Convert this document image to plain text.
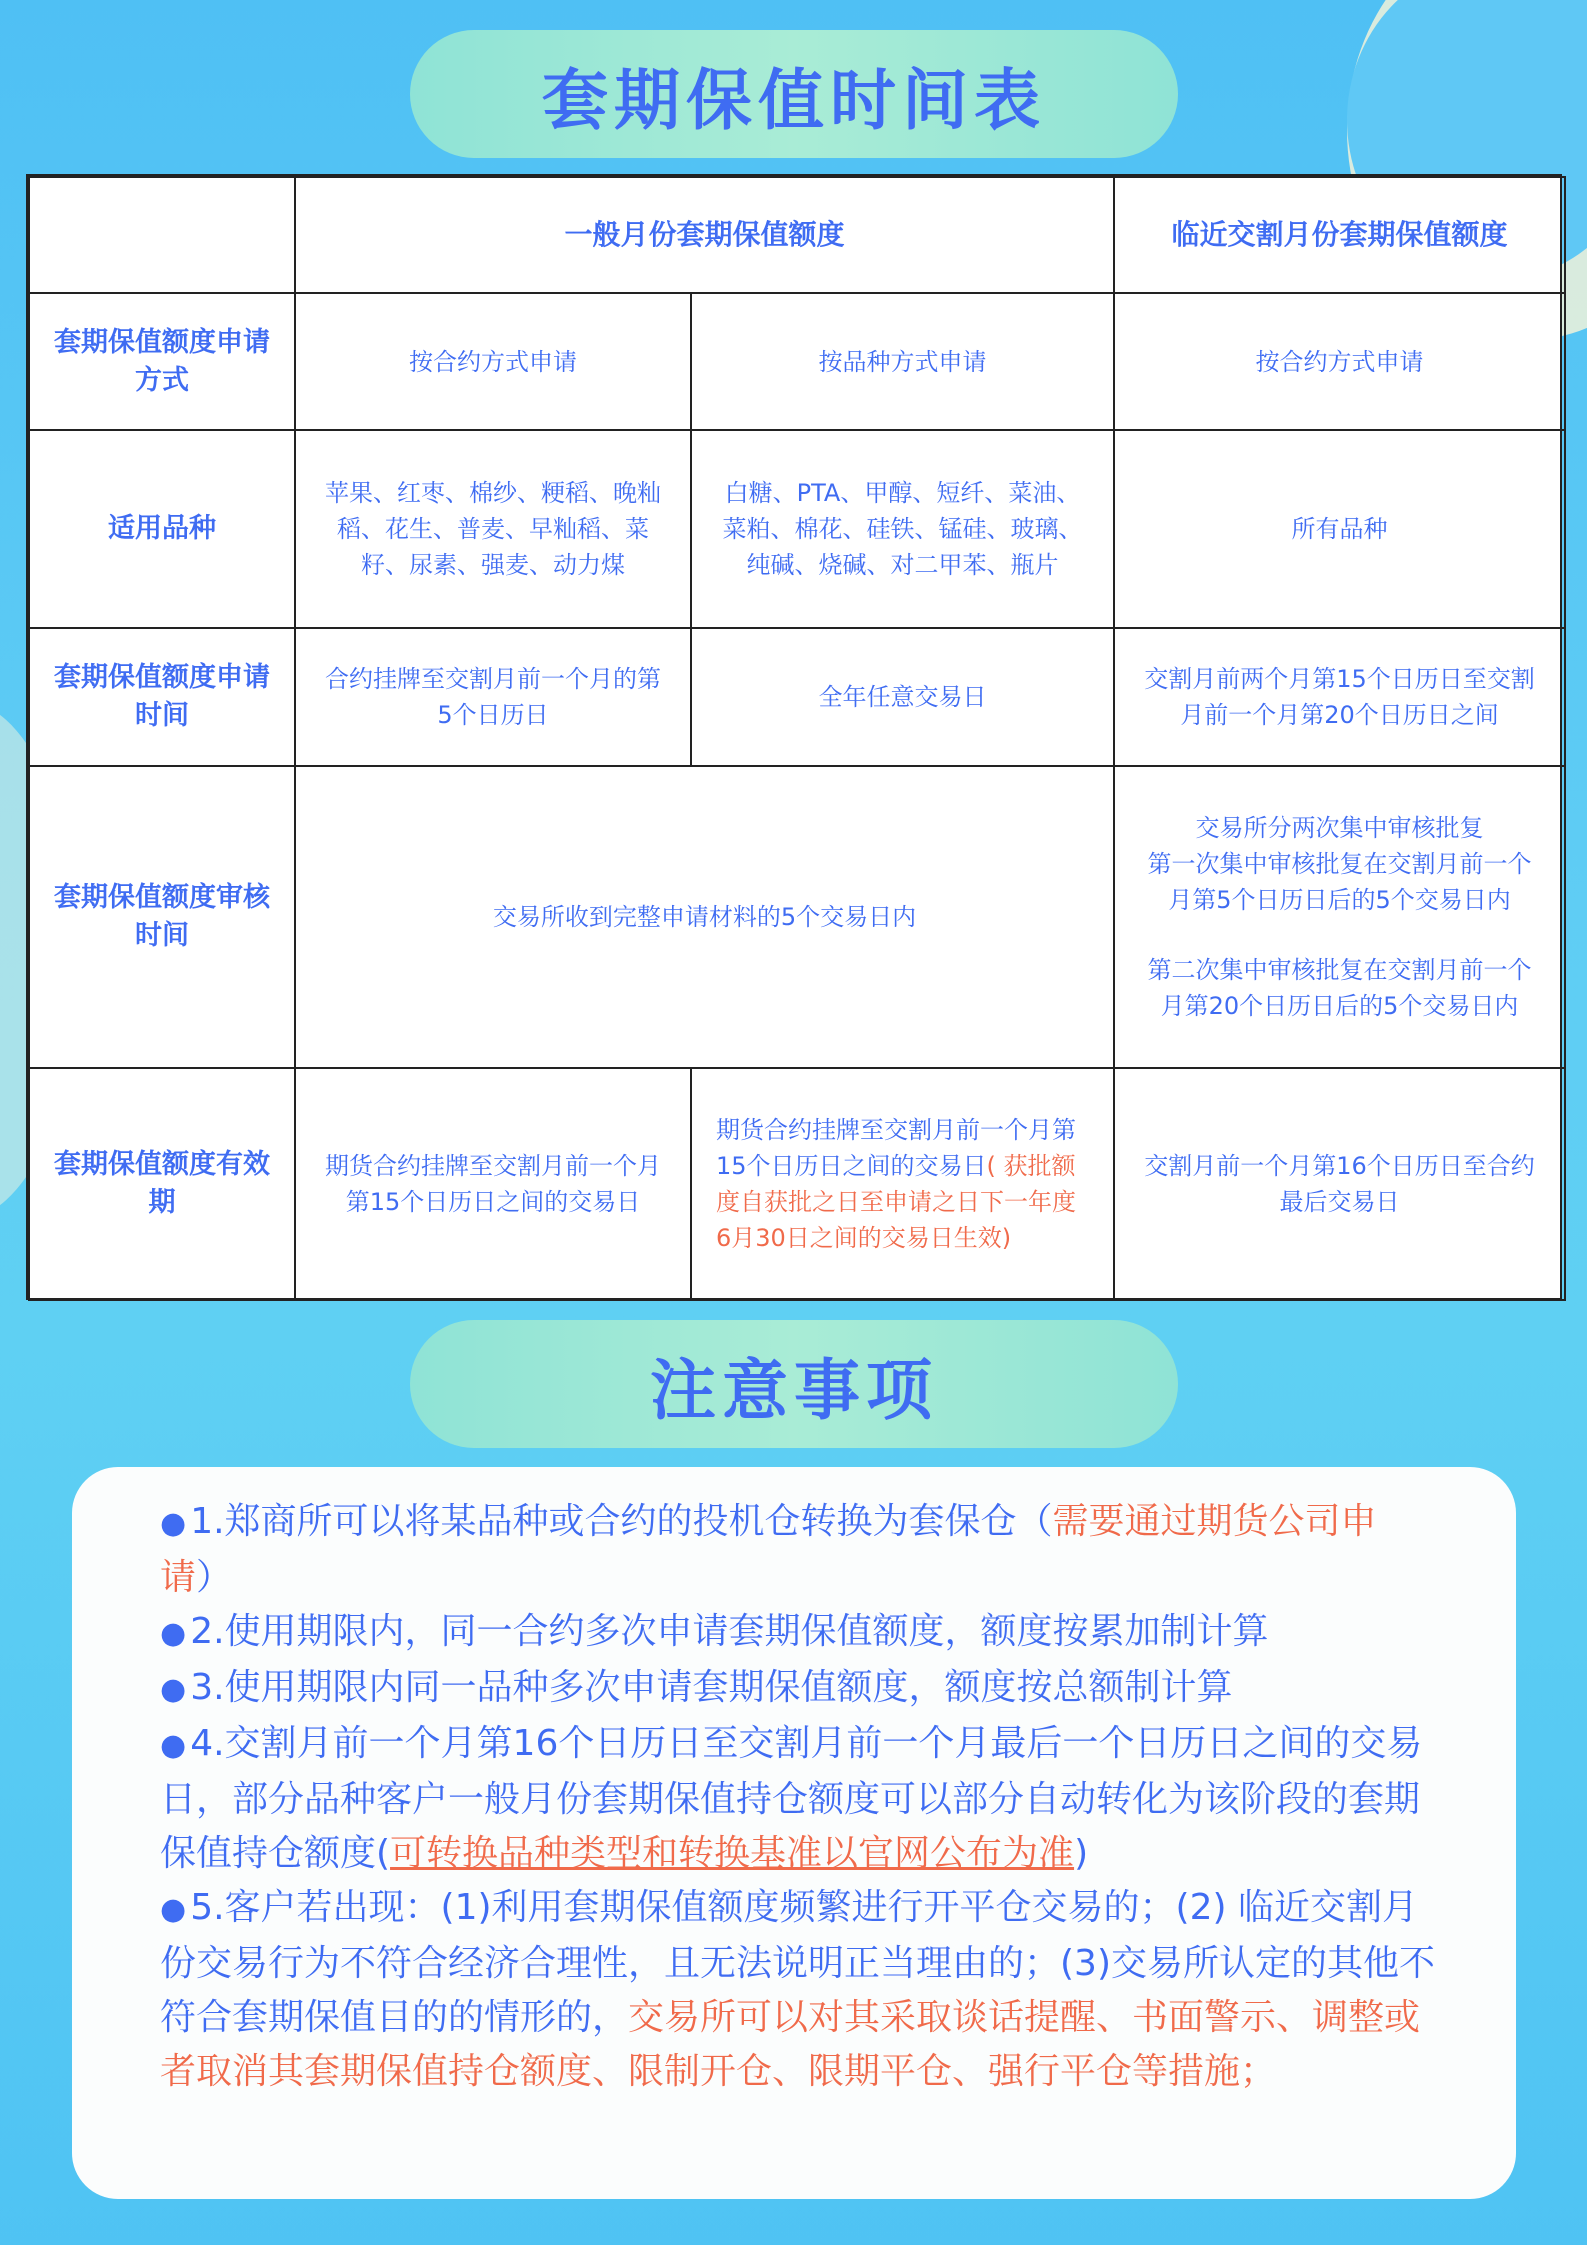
套期保值时间表
	一般月份套期保值额度		临近交割月份套期保值额度
套期保值额度申请方式	按合约方式申请	按品种方式申请	按合约方式申请
适用品种	苹果、红枣、棉纱、粳稻、晚籼稻、花生、普麦、早籼稻、菜籽、尿素、强麦、动力煤	白糖、PTA、甲醇、短纤、菜油、菜粕、棉花、硅铁、锰硅、玻璃、纯碱、烧碱、对二甲苯、瓶片	所有品种
套期保值额度申请时间	合约挂牌至交割月前一个月的第5个日历日	全年任意交易日	交割月前两个月第15个日历日至交割月前一个月第20个日历日之间
套期保值额度审核时间	交易所收到完整申请材料的5个交易日内		交易所分两次集中审核批复
第一次集中审核批复在交割月前一个月第5个日历日后的5个交易日内
第二次集中审核批复在交割月前一个月第20个日历日后的5个交易日内

套期保值额度有效期	期货合约挂牌至交割月前一个月第15个日历日之间的交易日	期货合约挂牌至交割月前一个月第15个日历日之间的交易日( 获批额度自获批之日至申请之日下一年度6月30日之间的交易日生效)	交割月前一个月第16个日历日至合约最后交易日
注意事项
● 1.郑商所可以将某品种或合约的投机仓转换为套保仓（需要通过期货公司申请）
● 2.使用期限内，同一合约多次申请套期保值额度，额度按累加制计算
● 3.使用期限内同一品种多次申请套期保值额度，额度按总额制计算
● 4.交割月前一个月第16个日历日至交割月前一个月最后一个日历日之间的交易日，部分品种客户一般月份套期保值持仓额度可以部分自动转化为该阶段的套期保值持仓额度(可转换品种类型和转换基准以官网公布为准)
● 5.客户若出现：(1)利用套期保值额度频繁进行开平仓交易的；(2) 临近交割月份交易行为不符合经济合理性，且无法说明正当理由的；(3)交易所认定的其他不符合套期保值目的的情形的，交易所可以对其采取谈话提醒、书面警示、调整或者取消其套期保值持仓额度、限制开仓、限期平仓、强行平仓等措施；
